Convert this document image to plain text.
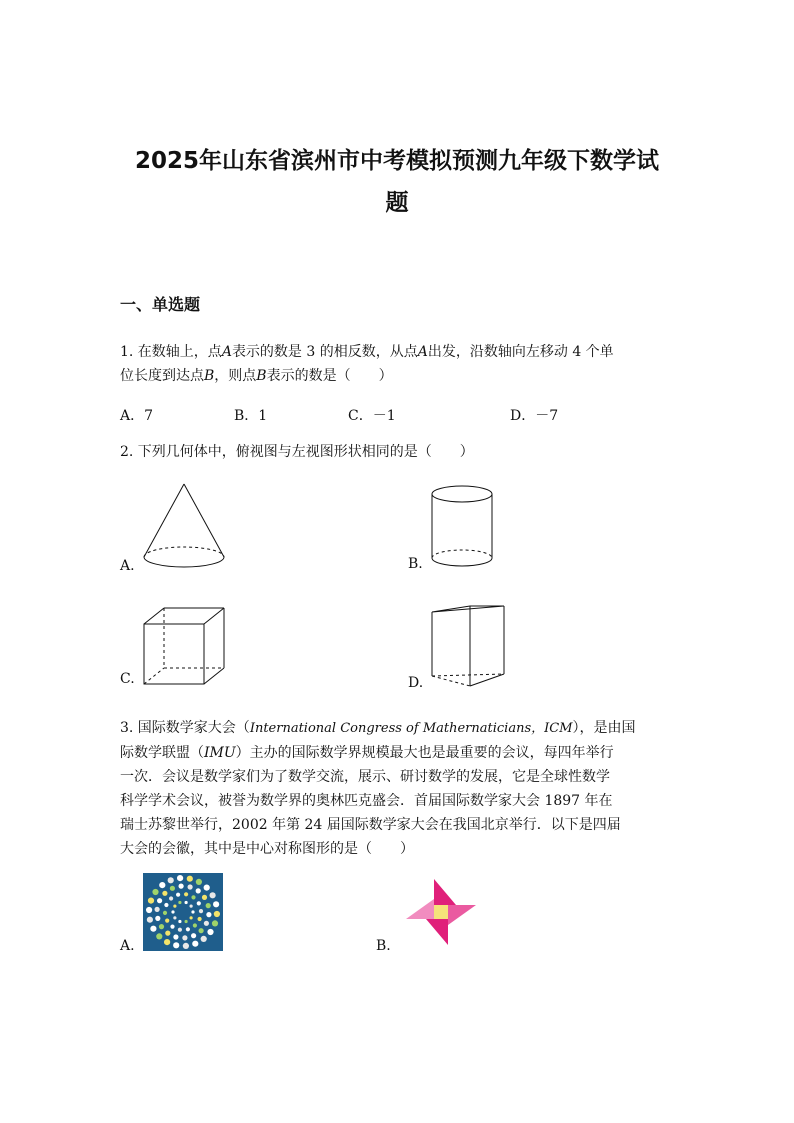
2025年山东省滨州市中考模拟预测九年级下数学试
题
一、单选题
1. 在数轴上，点A表示的数是 3 的相反数，从点A出发，沿数轴向左移动 4 个单
位长度到达点B，则点B表示的数是（　　）
A．7	B．1	C．－1	D．－7
2. 下列几何体中，俯视图与左视图形状相同的是（　　）
A.	B.
C.	D.
3. 国际数学家大会（International Congress of Mathernaticians，ICM），是由国
际数学联盟（IMU）主办的国际数学界规模最大也是最重要的会议，每四年举行
一次．会议是数学家们为了数学交流，展示、研讨数学的发展，它是全球性数学
科学学术会议，被誉为数学界的奥林匹克盛会．首届国际数学家大会 1897 年在
瑞士苏黎世举行，2002 年第 24 届国际数学家大会在我国北京举行．以下是四届
大会的会徽，其中是中心对称图形的是（　　）
A.	B.
